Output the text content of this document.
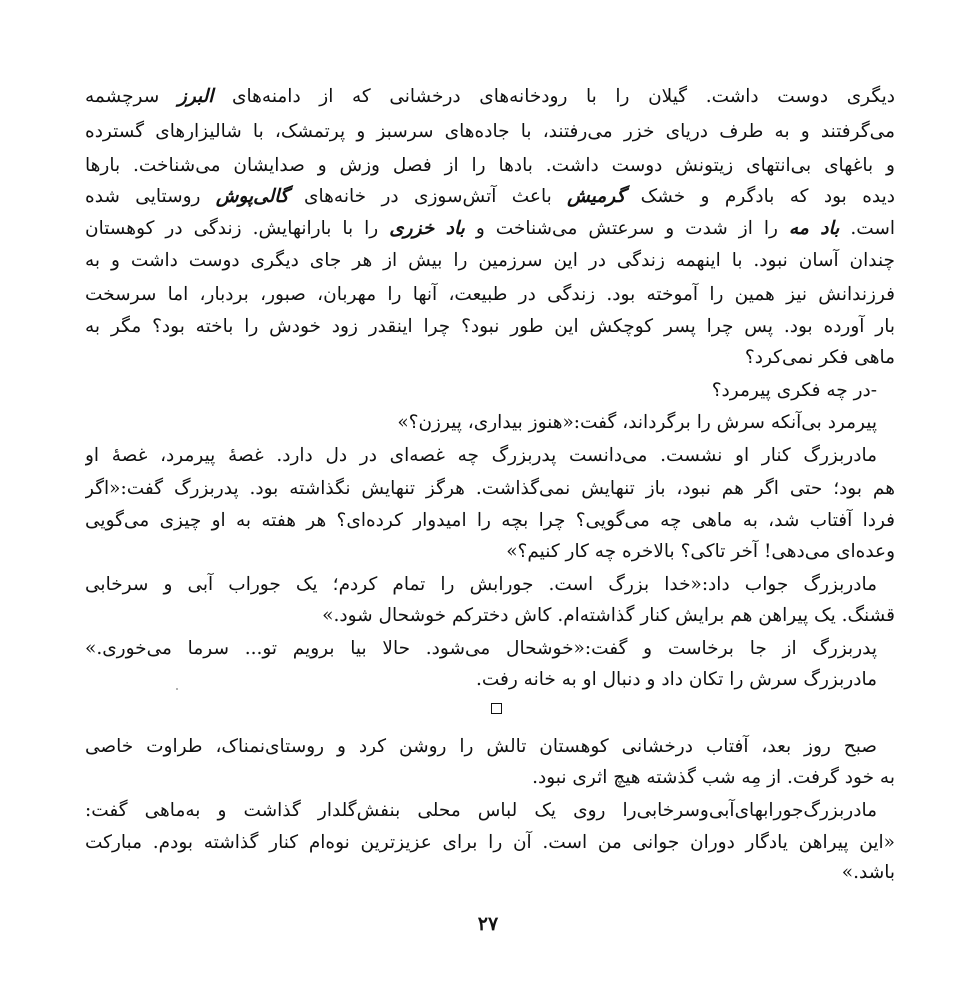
دیگری دوست داشت. گیلان را با رودخانه‌های درخشانی که از دامنه‌های البرز سرچشمه
می‌گرفتند و به طرف دریای خزر می‌رفتند، با جاده‌های سرسبز و پرتمشک، با شالیزارهای گسترده
و باغهای بی‌انتهای زیتونش دوست داشت. بادها را از فصل وزش و صدایشان می‌شناخت. بارها
دیده بود که بادگرم و خشک گرمیش باعث آتش‌سوزی در خانه‌های گالی‌پوش روستایی شده
است. باد مه را از شدت و سرعتش می‌شناخت و باد خزری را با بارانهایش. زندگی در کوهستان
چندان آسان نبود. با اینهمه زندگی در این سرزمین را بیش از هر جای دیگری دوست داشت و به
فرزندانش نیز همین را آموخته بود. زندگی در طبیعت، آنها را مهربان، صبور، بردبار، اما سرسخت
بار آورده بود. پس چرا پسر کوچکش این طور نبود؟ چرا اینقدر زود خودش را باخته بود؟ مگر به
ماهی فکر نمی‌کرد؟
-در چه فکری پیرمرد؟
پیرمرد بی‌آنکه سرش را برگرداند، گفت:«هنوز بیداری، پیرزن؟»
مادربزرگ کنار او نشست. می‌دانست پدربزرگ چه غصه‌ای در دل دارد. غصهٔ پیرمرد، غصهٔ او
هم بود؛ حتی اگر هم نبود، باز تنهایش نمی‌گذاشت. هرگز تنهایش نگذاشته بود. پدربزرگ گفت:«اگر
فردا آفتاب شد، به ماهی چه می‌گویی؟ چرا بچه را امیدوار کرده‌ای؟ هر هفته به او چیزی می‌گویی
وعده‌ای می‌دهی! آخر تاکی؟ بالاخره چه کار کنیم؟»
مادربزرگ جواب داد:«خدا بزرگ است. جورابش را تمام کردم؛ یک جوراب آبی و سرخابی
قشنگ. یک پیراهن هم برایش کنار گذاشته‌ام. کاش دخترکم خوشحال شود.»
پدربزرگ از جا برخاست و گفت:«خوشحال می‌شود. حالا بیا برویم تو... سرما می‌خوری.»
مادربزرگ سرش را تکان داد و دنبال او به خانه رفت.
صبح روز بعد، آفتاب درخشانی کوهستان تالش را روشن کرد و روستای‌نمناک، طراوت خاصی
به خود گرفت. از مِه شب گذشته هیچ اثری نبود.
مادربزرگ‌جورابهای‌آبی‌وسرخابی‌را روی یک لباس محلی بنفش‌گلدار گذاشت و به‌ماهی گفت:
«این پیراهن یادگار دوران جوانی من است. آن را برای عزیزترین نوه‌ام کنار گذاشته بودم. مبارکت
باشد.»
۲۷
